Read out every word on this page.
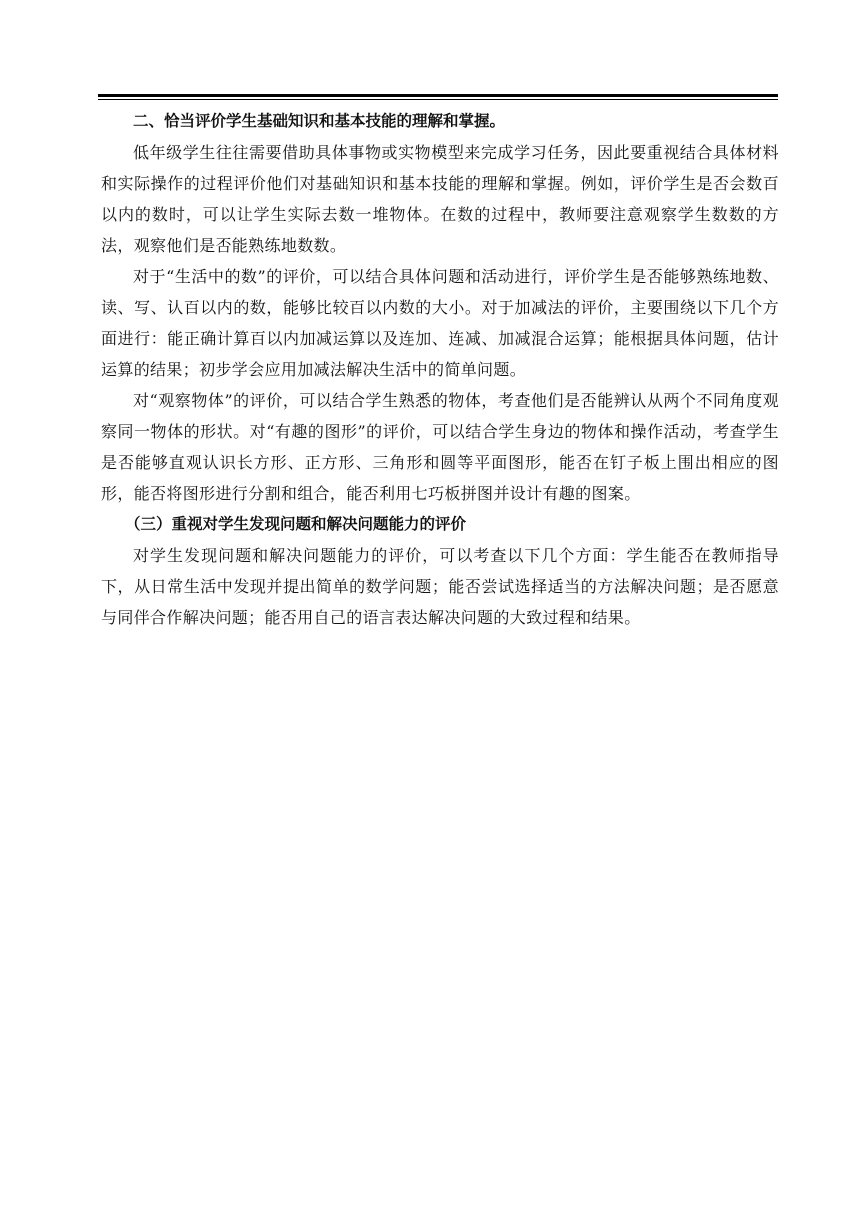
二、恰当评价学生基础知识和基本技能的理解和掌握。

低年级学生往往需要借助具体事物或实物模型来完成学习任务，因此要重视结合具体材料和实际操作的过程评价他们对基础知识和基本技能的理解和掌握。例如，评价学生是否会数百以内的数时，可以让学生实际去数一堆物体。在数的过程中，教师要注意观察学生数数的方法，观察他们是否能熟练地数数。

对于“生活中的数”的评价，可以结合具体问题和活动进行，评价学生是否能够熟练地数、读、写、认百以内的数，能够比较百以内数的大小。对于加减法的评价，主要围绕以下几个方面进行：能正确计算百以内加减运算以及连加、连减、加减混合运算；能根据具体问题，估计运算的结果；初步学会应用加减法解决生活中的简单问题。

对“观察物体”的评价，可以结合学生熟悉的物体，考查他们是否能辨认从两个不同角度观察同一物体的形状。对“有趣的图形”的评价，可以结合学生身边的物体和操作活动，考查学生是否能够直观认识长方形、正方形、三角形和圆等平面图形，能否在钉子板上围出相应的图形，能否将图形进行分割和组合，能否利用七巧板拼图并设计有趣的图案。

（三）重视对学生发现问题和解决问题能力的评价

对学生发现问题和解决问题能力的评价，可以考查以下几个方面：学生能否在教师指导下，从日常生活中发现并提出简单的数学问题；能否尝试选择适当的方法解决问题；是否愿意与同伴合作解决问题；能否用自己的语言表达解决问题的大致过程和结果。
